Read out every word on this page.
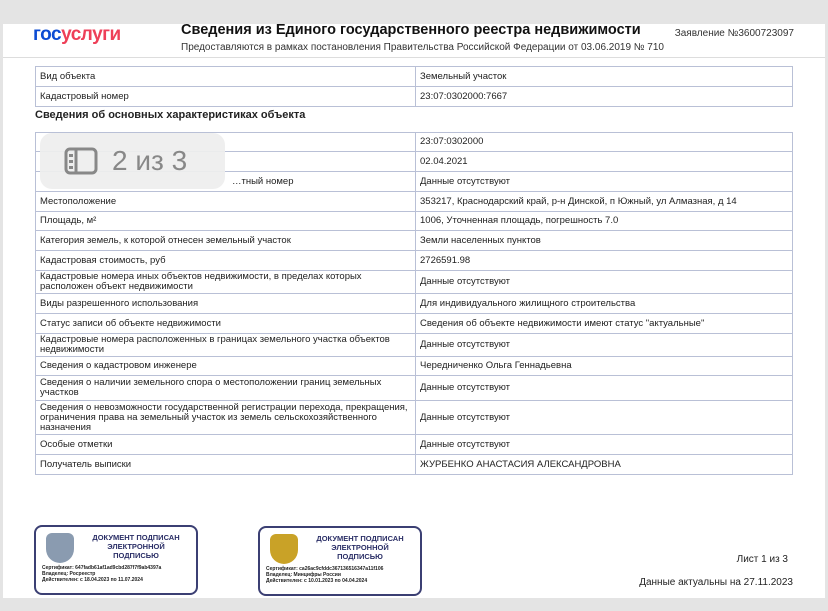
госуслуги	Сведения из Единого государственного реестра недвижимости
Предоставляются в рамках постановления Правительства Российской Федерации от 03.06.2019 № 710
Заявление №3600723097
Вид объекта	Земельный участок
Кадастровый номер	23:07:0302000:7667
Сведения об основных характеристиках объекта
	23:07:0302000
	02.04.2021
…тный номер	Данные отсутствуют
Местоположение	353217, Краснодарский край, р-н Динской, п Южный, ул Алмазная, д 14
Площадь, м²	1006, Уточненная площадь, погрешность 7.0
Категория земель, к которой отнесен земельный участок	Земли населенных пунктов
Кадастровая стоимость, руб	2726591.98
Кадастровые номера иных объектов недвижимости, в пределах которых расположен объект недвижимости	Данные отсутствуют
Виды разрешенного использования	Для индивидуального жилищного строительства
Статус записи об объекте недвижимости	Сведения об объекте недвижимости имеют статус "актуальные"
Кадастровые номера расположенных в границах земельного участка объектов недвижимости	Данные отсутствуют
Сведения о кадастровом инженере	Чередниченко Ольга Геннадьевна
Сведения о наличии земельного спора о местоположении границ земельных участков	Данные отсутствуют
Сведения о невозможности государственной регистрации перехода, прекращения, ограничения права на земельный участок из земель сельскохозяйственного назначения	Данные отсутствуют
Особые отметки	Данные отсутствуют
Получатель выписки	ЖУРБЕНКО АНАСТАСИЯ АЛЕКСАНДРОВНА
2 из 3
ДОКУМЕНТ ПОДПИСАН ЭЛЕКТРОННОЙ ПОДПИСЬЮ
Сертификат: 647fadb61af1ad9cbd287f7f9ab4397a
Владелец: Росреестр
Действителен: с 18.04.2023 по 11.07.2024
ДОКУМЕНТ ПОДПИСАН ЭЛЕКТРОННОЙ ПОДПИСЬЮ
Сертификат: ca26ac9cfddc367136516347a11f106
Владелец: Минцифры России
Действителен: с 10.01.2023 по 04.04.2024
Лист 1 из 3
Данные актуальны на 27.11.2023
